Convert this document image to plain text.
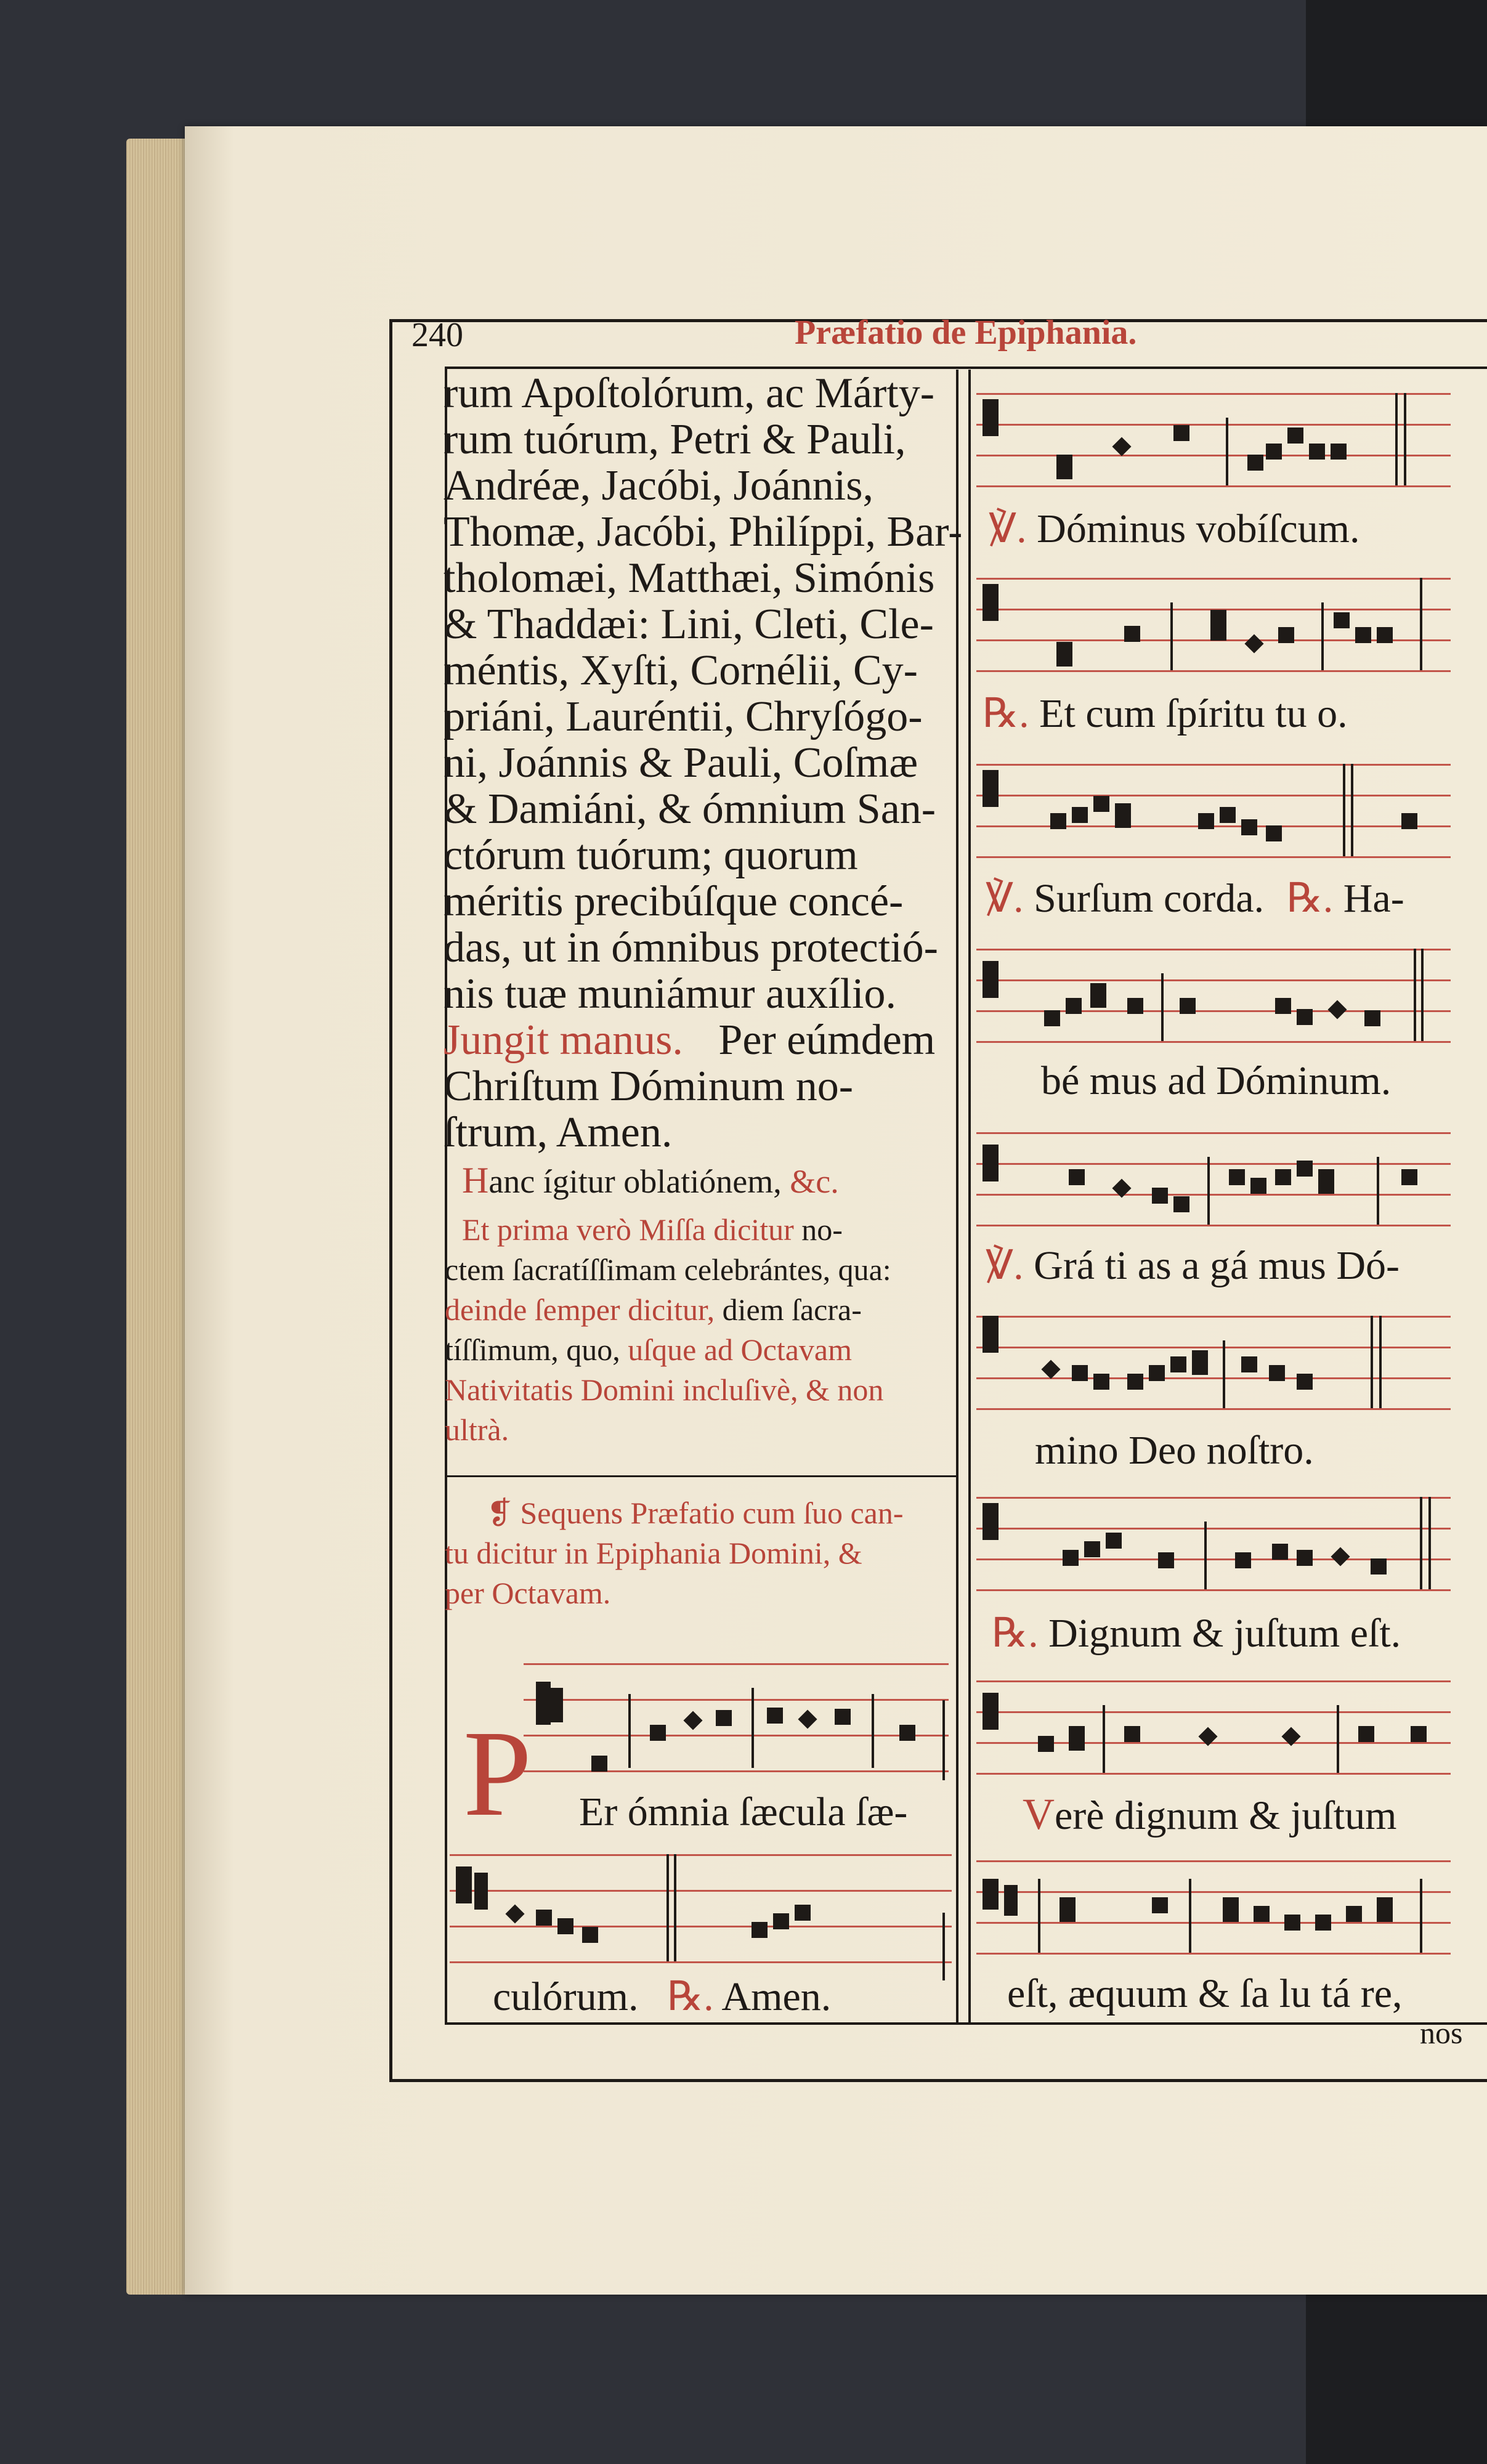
240	Præfatio de Epiphania.
rum Apoſtolórum, ac Márty-
rum tuórum, Petri & Pauli,
Andréæ, Jacóbi, Joánnis,
Thomæ, Jacóbi, Philíppi, Bar-
tholomæi, Matthæi, Simónis
& Thaddæi: Lini, Cleti, Cle-
méntis, Xyſti, Cornélii, Cy-
priáni, Lauréntii, Chryſógo-
ni, Joánnis & Pauli, Coſmæ
& Damiáni, & ómnium San-
ctórum tuórum; quorum
méritis precibúſque concé-
das, ut in ómnibus protectió-
nis tuæ muniámur auxílio.
Jungit manus. Per eúmdem
Chriſtum Dóminum no-
ſtrum, Amen.
Hanc ígitur oblatiónem, &c.
Et prima verò Miſſa dicitur no-
ctem ſacratíſſimam celebrántes, qua:
deinde ſemper dicitur, diem ſacra-
tíſſimum, quo, uſque ad Octavam
Nativitatis Domini incluſivè, & non
ultrà.
❡ Sequens Præfatio cum ſuo can-
tu dicitur in Epiphania Domini, &
per Octavam.
P Er ómnia ſæcula ſæ-
culórum. ℞. Amen.
℣. Dóminus vobíſcum.
℞. Et cum ſpíritu tu o.
℣. Surſum corda. ℞. Ha-
bé mus ad Dóminum.
℣. Grá ti as a gá mus Dó-
mino Deo noſtro.
℞. Dignum & juſtum eſt.
Verè dignum & juſtum
eſt, æquum & ſa lu tá re,
nos
